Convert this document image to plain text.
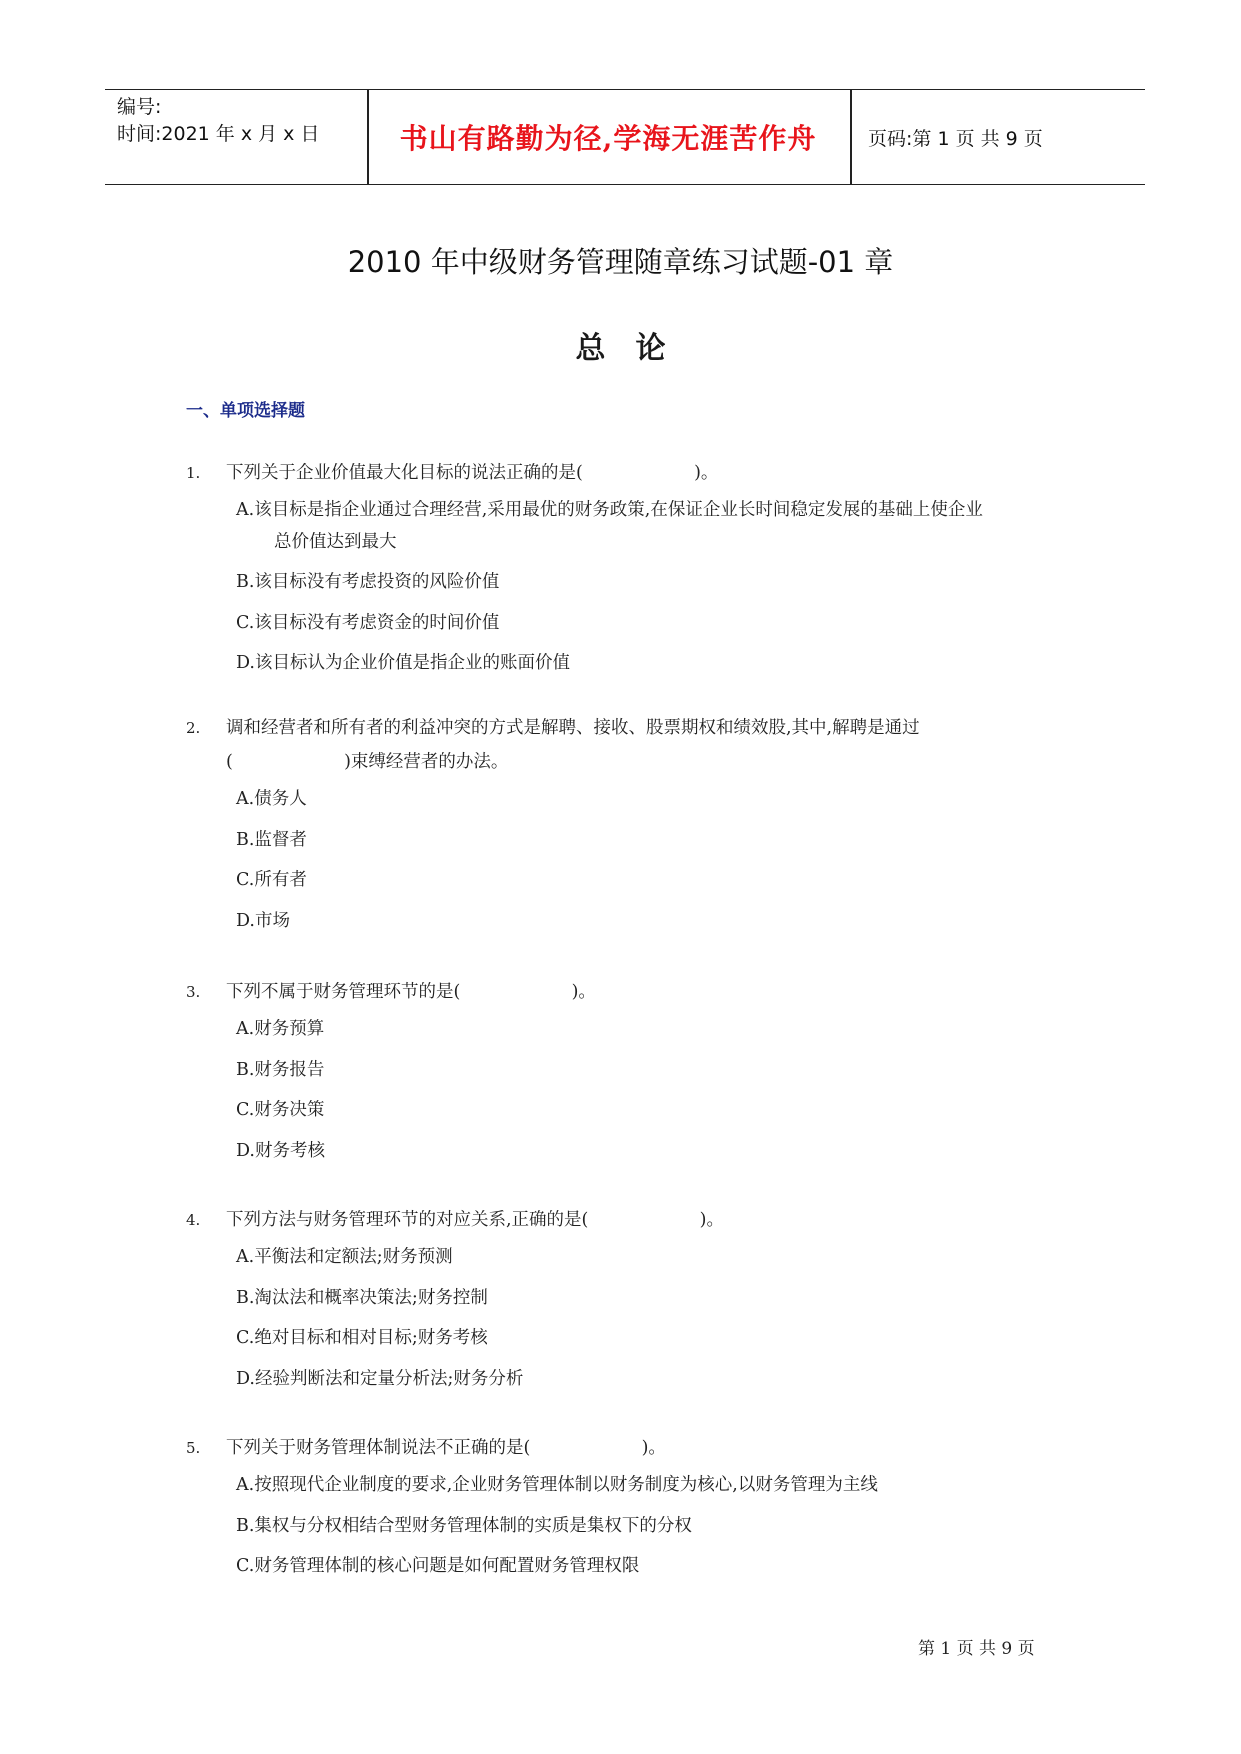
编号:
时间:2021 年 x 月 x 日	书山有路勤为径,学海无涯苦作舟	页码:第 1 页 共 9 页
2010 年中级财务管理随章练习试题-01 章
总论
一、单项选择题
1. 下列关于企业价值最大化目标的说法正确的是(                    )。
A.该目标是指企业通过合理经营,采用最优的财务政策,在保证企业长时间稳定发展的基础上使企业
总价值达到最大
B.该目标没有考虑投资的风险价值
C.该目标没有考虑资金的时间价值
D.该目标认为企业价值是指企业的账面价值
2. 调和经营者和所有者的利益冲突的方式是解聘、接收、股票期权和绩效股,其中,解聘是通过
(                    )束缚经营者的办法。
A.债务人
B.监督者
C.所有者
D.市场
3. 下列不属于财务管理环节的是(                    )。
A.财务预算
B.财务报告
C.财务决策
D.财务考核
4. 下列方法与财务管理环节的对应关系,正确的是(                    )。
A.平衡法和定额法;财务预测
B.淘汰法和概率决策法;财务控制
C.绝对目标和相对目标;财务考核
D.经验判断法和定量分析法;财务分析
5. 下列关于财务管理体制说法不正确的是(                    )。
A.按照现代企业制度的要求,企业财务管理体制以财务制度为核心,以财务管理为主线
B.集权与分权相结合型财务管理体制的实质是集权下的分权
C.财务管理体制的核心问题是如何配置财务管理权限
第 1 页 共 9 页
